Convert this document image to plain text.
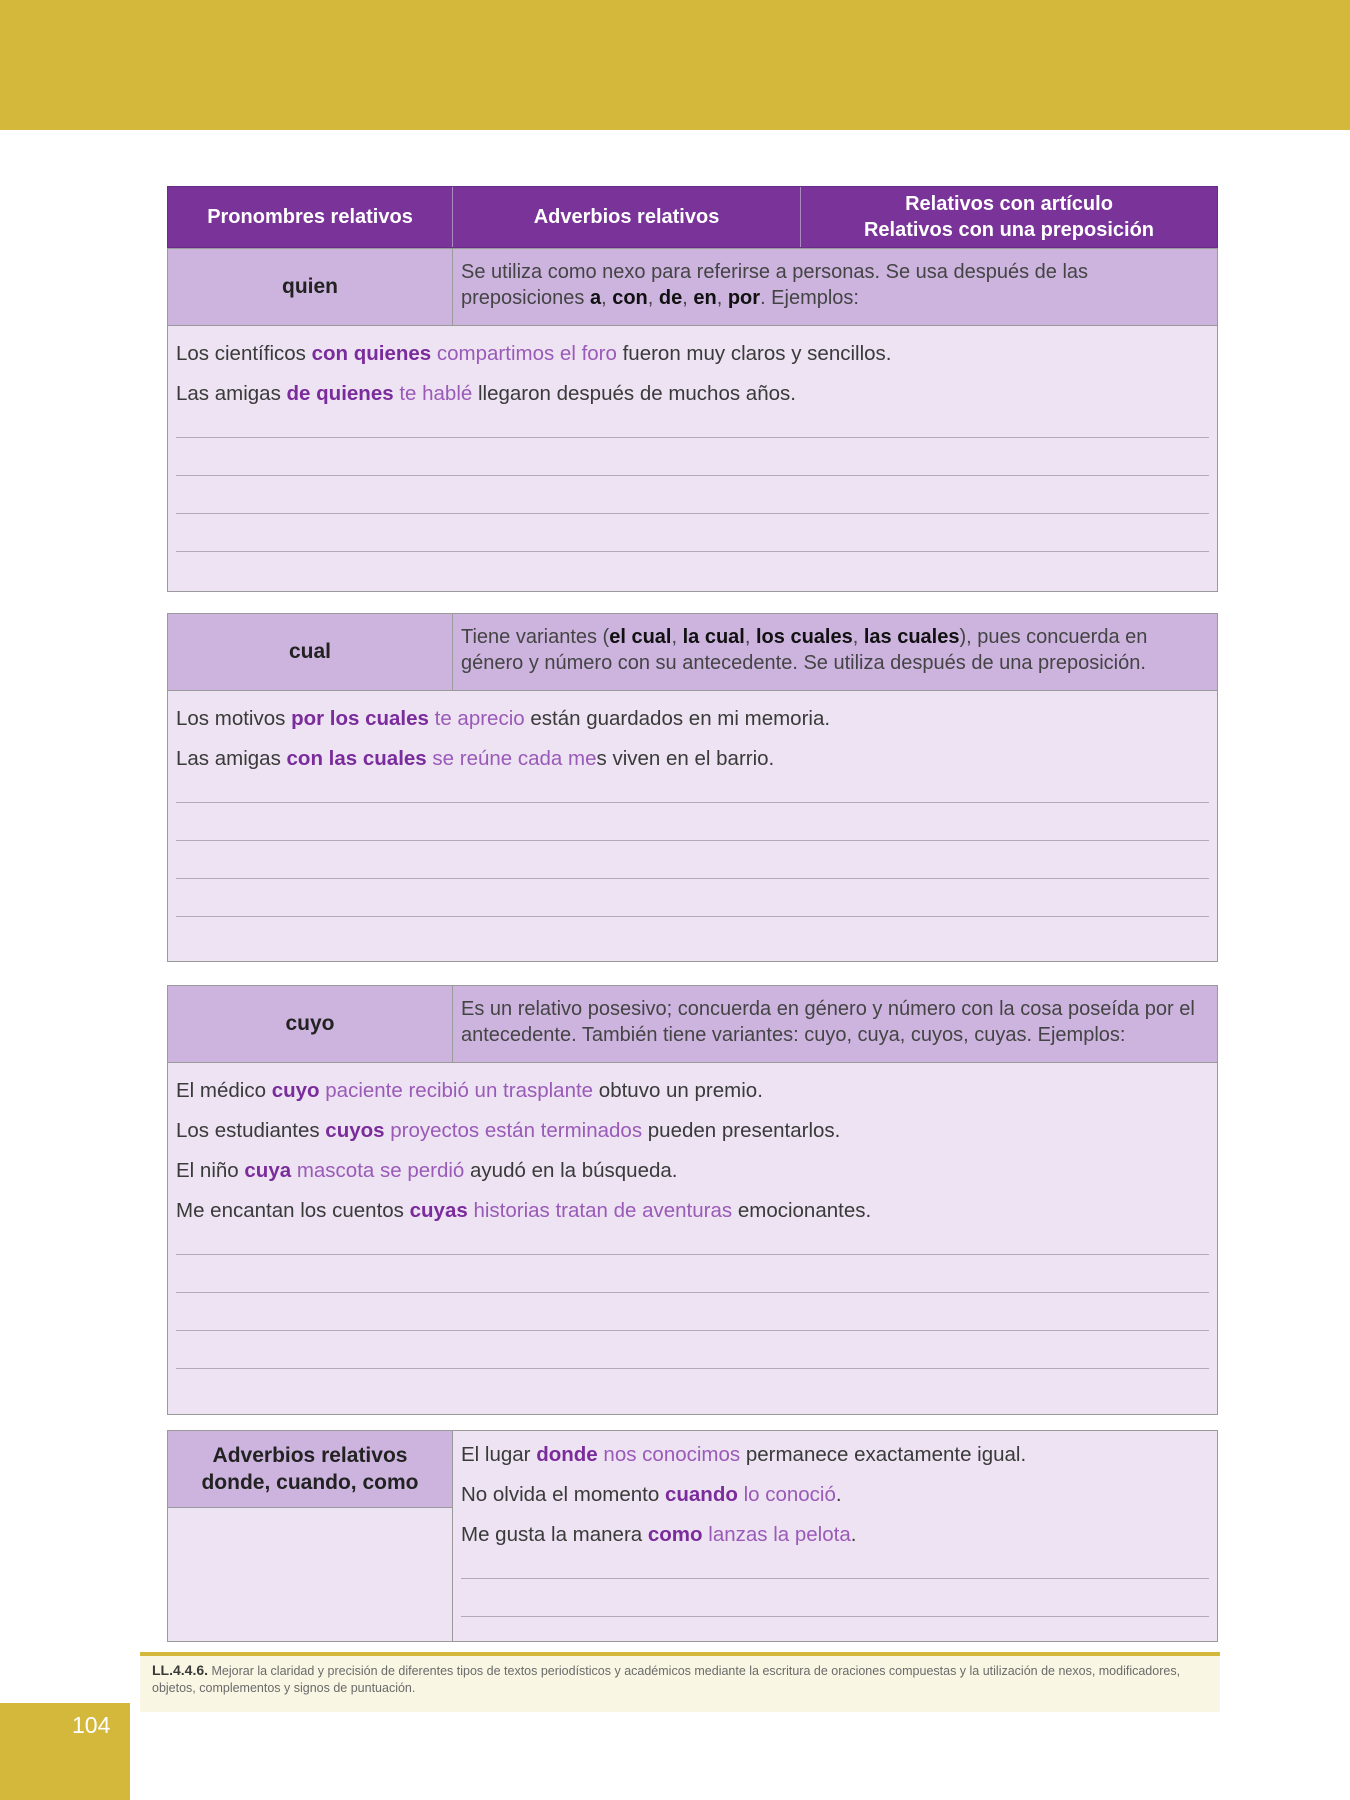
Pronombres relativos	Adverbios relativos
Relativos con artículo
Relativos con una preposición
quien
Se utiliza como nexo para referirse a personas. Se usa después de las preposiciones a, con, de, en, por. Ejemplos:
Los científicos con quienes compartimos el foro fueron muy claros y sencillos.
Las amigas de quienes te hablé llegaron después de muchos años.
cual
Tiene variantes (el cual, la cual, los cuales, las cuales), pues concuerda en género y número con su antecedente. Se utiliza después de una preposición.
Los motivos por los cuales te aprecio están guardados en mi memoria.
Las amigas con las cuales se reúne cada mes viven en el barrio.
cuyo
Es un relativo posesivo; concuerda en género y número con la cosa poseída por el antecedente. También tiene variantes: cuyo, cuya, cuyos, cuyas. Ejemplos:
El médico cuyo paciente recibió un trasplante obtuvo un premio.
Los estudiantes cuyos proyectos están terminados pueden presentarlos.
El niño cuya mascota se perdió ayudó en la búsqueda.
Me encantan los cuentos cuyas historias tratan de aventuras emocionantes.
Adverbios relativos
donde, cuando, como
El lugar donde nos conocimos permanece exactamente igual.
No olvida el momento cuando lo conoció.
Me gusta la manera como lanzas la pelota.
LL.4.4.6. Mejorar la claridad y precisión de diferentes tipos de textos periodísticos y académicos mediante la escritura de oraciones compuestas y la utilización de nexos, modificadores, objetos, complementos y signos de puntuación.
104
